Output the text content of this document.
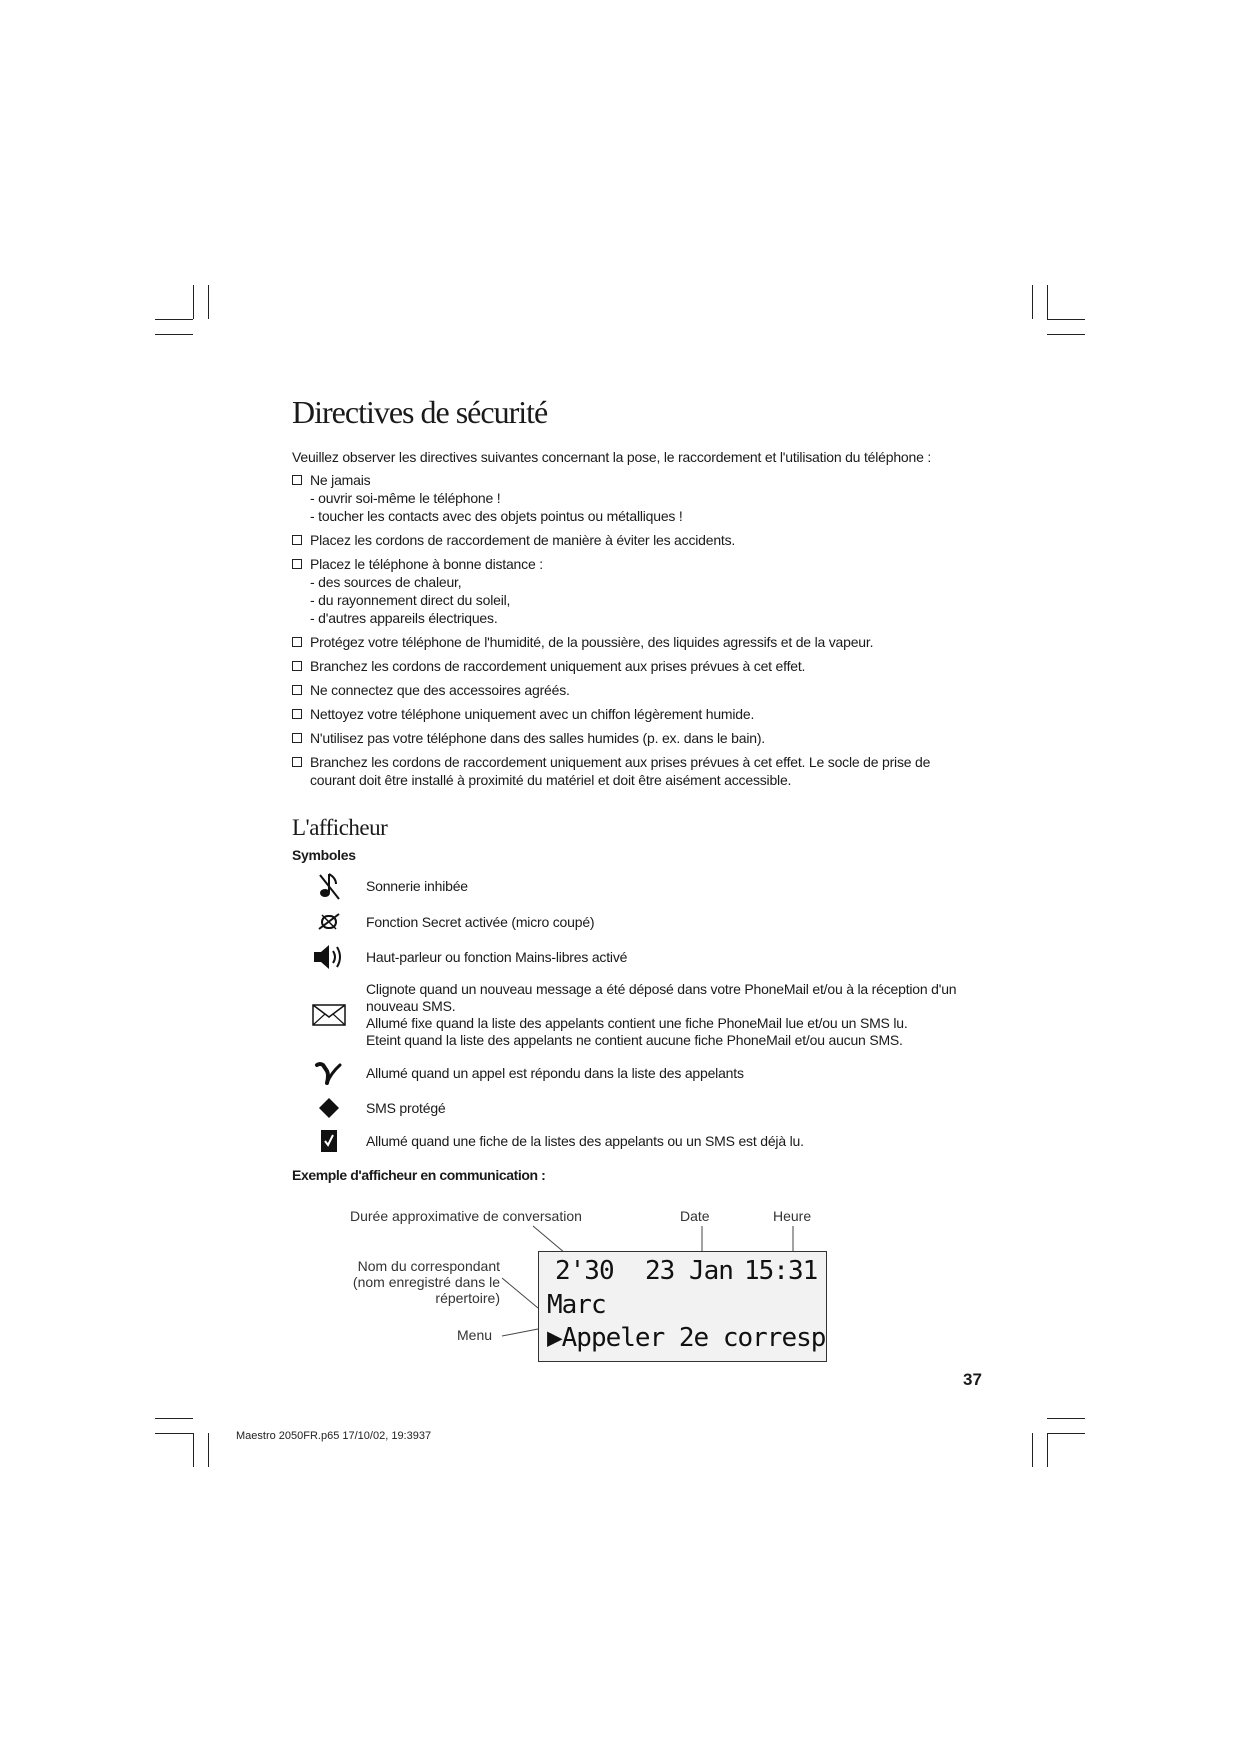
Directives de sécurité

Veuillez observer les directives suivantes concernant la pose, le raccordement et l'utilisation du téléphone :

Ne jamais
- ouvrir soi-même le téléphone !
- toucher les contacts avec des objets pointus ou métalliques !
Placez les cordons de raccordement de manière à éviter les accidents.
Placez le téléphone à bonne distance :
- des sources de chaleur,
- du rayonnement direct du soleil,
- d'autres appareils électriques.
Protégez votre téléphone de l'humidité, de la poussière, des liquides agressifs et de la vapeur.
Branchez les cordons de raccordement uniquement aux prises prévues à cet effet.
Ne connectez que des accessoires agréés.
Nettoyez votre téléphone uniquement avec un chiffon légèrement humide.
N'utilisez pas votre téléphone dans des salles humides (p. ex. dans le bain).
Branchez les cordons de raccordement uniquement aux prises prévues à cet effet. Le socle de prise de courant doit être installé à proximité du matériel et doit être aisément accessible.
L'afficheur
Symboles
Sonnerie inhibée
Fonction Secret activée (micro coupé)
Haut-parleur ou fonction Mains-libres activé
Clignote quand un nouveau message a été déposé dans votre PhoneMail et/ou à la réception d'un nouveau SMS.
Allumé fixe quand la liste des appelants contient une fiche PhoneMail lue et/ou un SMS lu.
Eteint quand la liste des appelants ne contient aucune fiche PhoneMail et/ou aucun SMS.
Allumé quand un appel est répondu dans la liste des appelants
SMS protégé
Allumé quand une fiche de la listes des appelants ou un SMS est déjà lu.
Exemple d'afficheur en communication :
Durée approximative de conversation	Date	Heure
Nom du correspondant
(nom enregistré dans le
répertoire)
Menu
2'30 23 Jan 15:31
Marc
▶Appeler 2e corresp
37
Maestro 2050FR.p65 17/10/02, 19:3937
